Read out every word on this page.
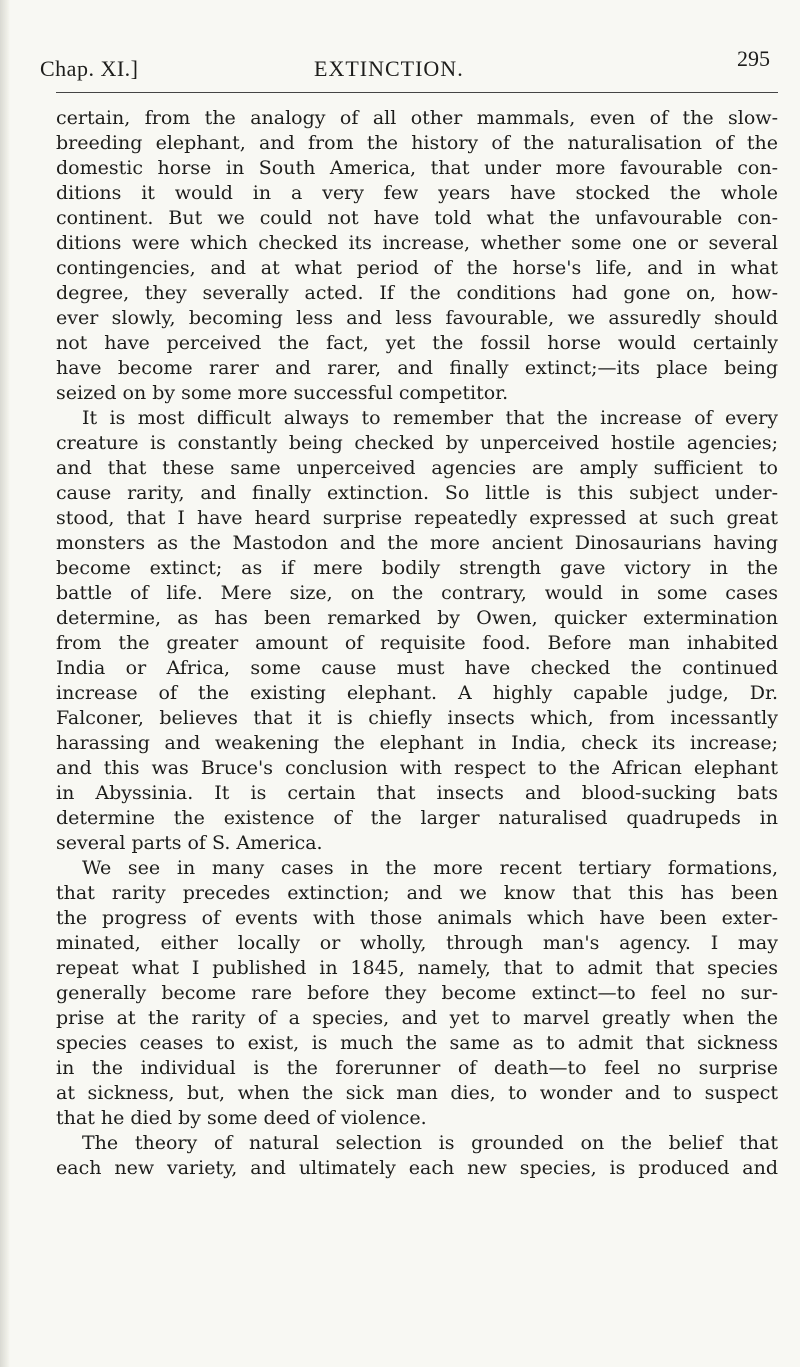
Chap. XI.]	EXTINCTION.	295
certain, from the analogy of all other mammals, even of the slow-
breeding elephant, and from the history of the naturalisation of the
domestic horse in South America, that under more favourable con-
ditions it would in a very few years have stocked the whole
continent. But we could not have told what the unfavourable con-
ditions were which checked its increase, whether some one or several
contingencies, and at what period of the horse's life, and in what
degree, they severally acted. If the conditions had gone on, how-
ever slowly, becoming less and less favourable, we assuredly should
not have perceived the fact, yet the fossil horse would certainly
have become rarer and rarer, and finally extinct;—its place being
seized on by some more successful competitor.
It is most difficult always to remember that the increase of every
creature is constantly being checked by unperceived hostile agencies;
and that these same unperceived agencies are amply sufficient to
cause rarity, and finally extinction. So little is this subject under-
stood, that I have heard surprise repeatedly expressed at such great
monsters as the Mastodon and the more ancient Dinosaurians having
become extinct; as if mere bodily strength gave victory in the
battle of life. Mere size, on the contrary, would in some cases
determine, as has been remarked by Owen, quicker extermination
from the greater amount of requisite food. Before man inhabited
India or Africa, some cause must have checked the continued
increase of the existing elephant. A highly capable judge, Dr.
Falconer, believes that it is chiefly insects which, from incessantly
harassing and weakening the elephant in India, check its increase;
and this was Bruce's conclusion with respect to the African elephant
in Abyssinia. It is certain that insects and blood-sucking bats
determine the existence of the larger naturalised quadrupeds in
several parts of S. America.
We see in many cases in the more recent tertiary formations,
that rarity precedes extinction; and we know that this has been
the progress of events with those animals which have been exter-
minated, either locally or wholly, through man's agency. I may
repeat what I published in 1845, namely, that to admit that species
generally become rare before they become extinct—to feel no sur-
prise at the rarity of a species, and yet to marvel greatly when the
species ceases to exist, is much the same as to admit that sickness
in the individual is the forerunner of death—to feel no surprise
at sickness, but, when the sick man dies, to wonder and to suspect
that he died by some deed of violence.
The theory of natural selection is grounded on the belief that
each new variety, and ultimately each new species, is produced and
